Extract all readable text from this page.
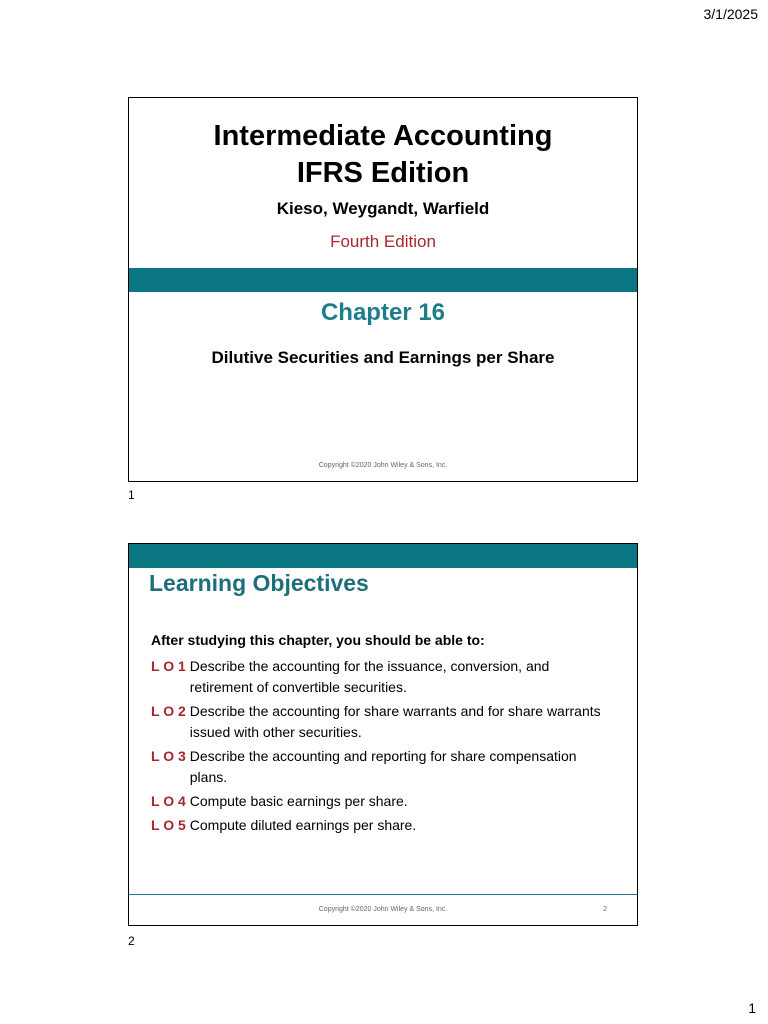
3/1/2025
Intermediate Accounting
IFRS Edition
Kieso, Weygandt, Warfield
Fourth Edition
Chapter 16
Dilutive Securities and Earnings per Share
Copyright ©2020 John Wiley & Sons, Inc.
1
Learning Objectives
After studying this chapter, you should be able to:
L O 1 Describe the accounting for the issuance, conversion, and retirement of convertible securities.
L O 2 Describe the accounting for share warrants and for share warrants issued with other securities.
L O 3 Describe the accounting and reporting for share compensation plans.
L O 4 Compute basic earnings per share.
L O 5 Compute diluted earnings per share.
Copyright ©2020 John Wiley & Sons, Inc.	2
2
1
